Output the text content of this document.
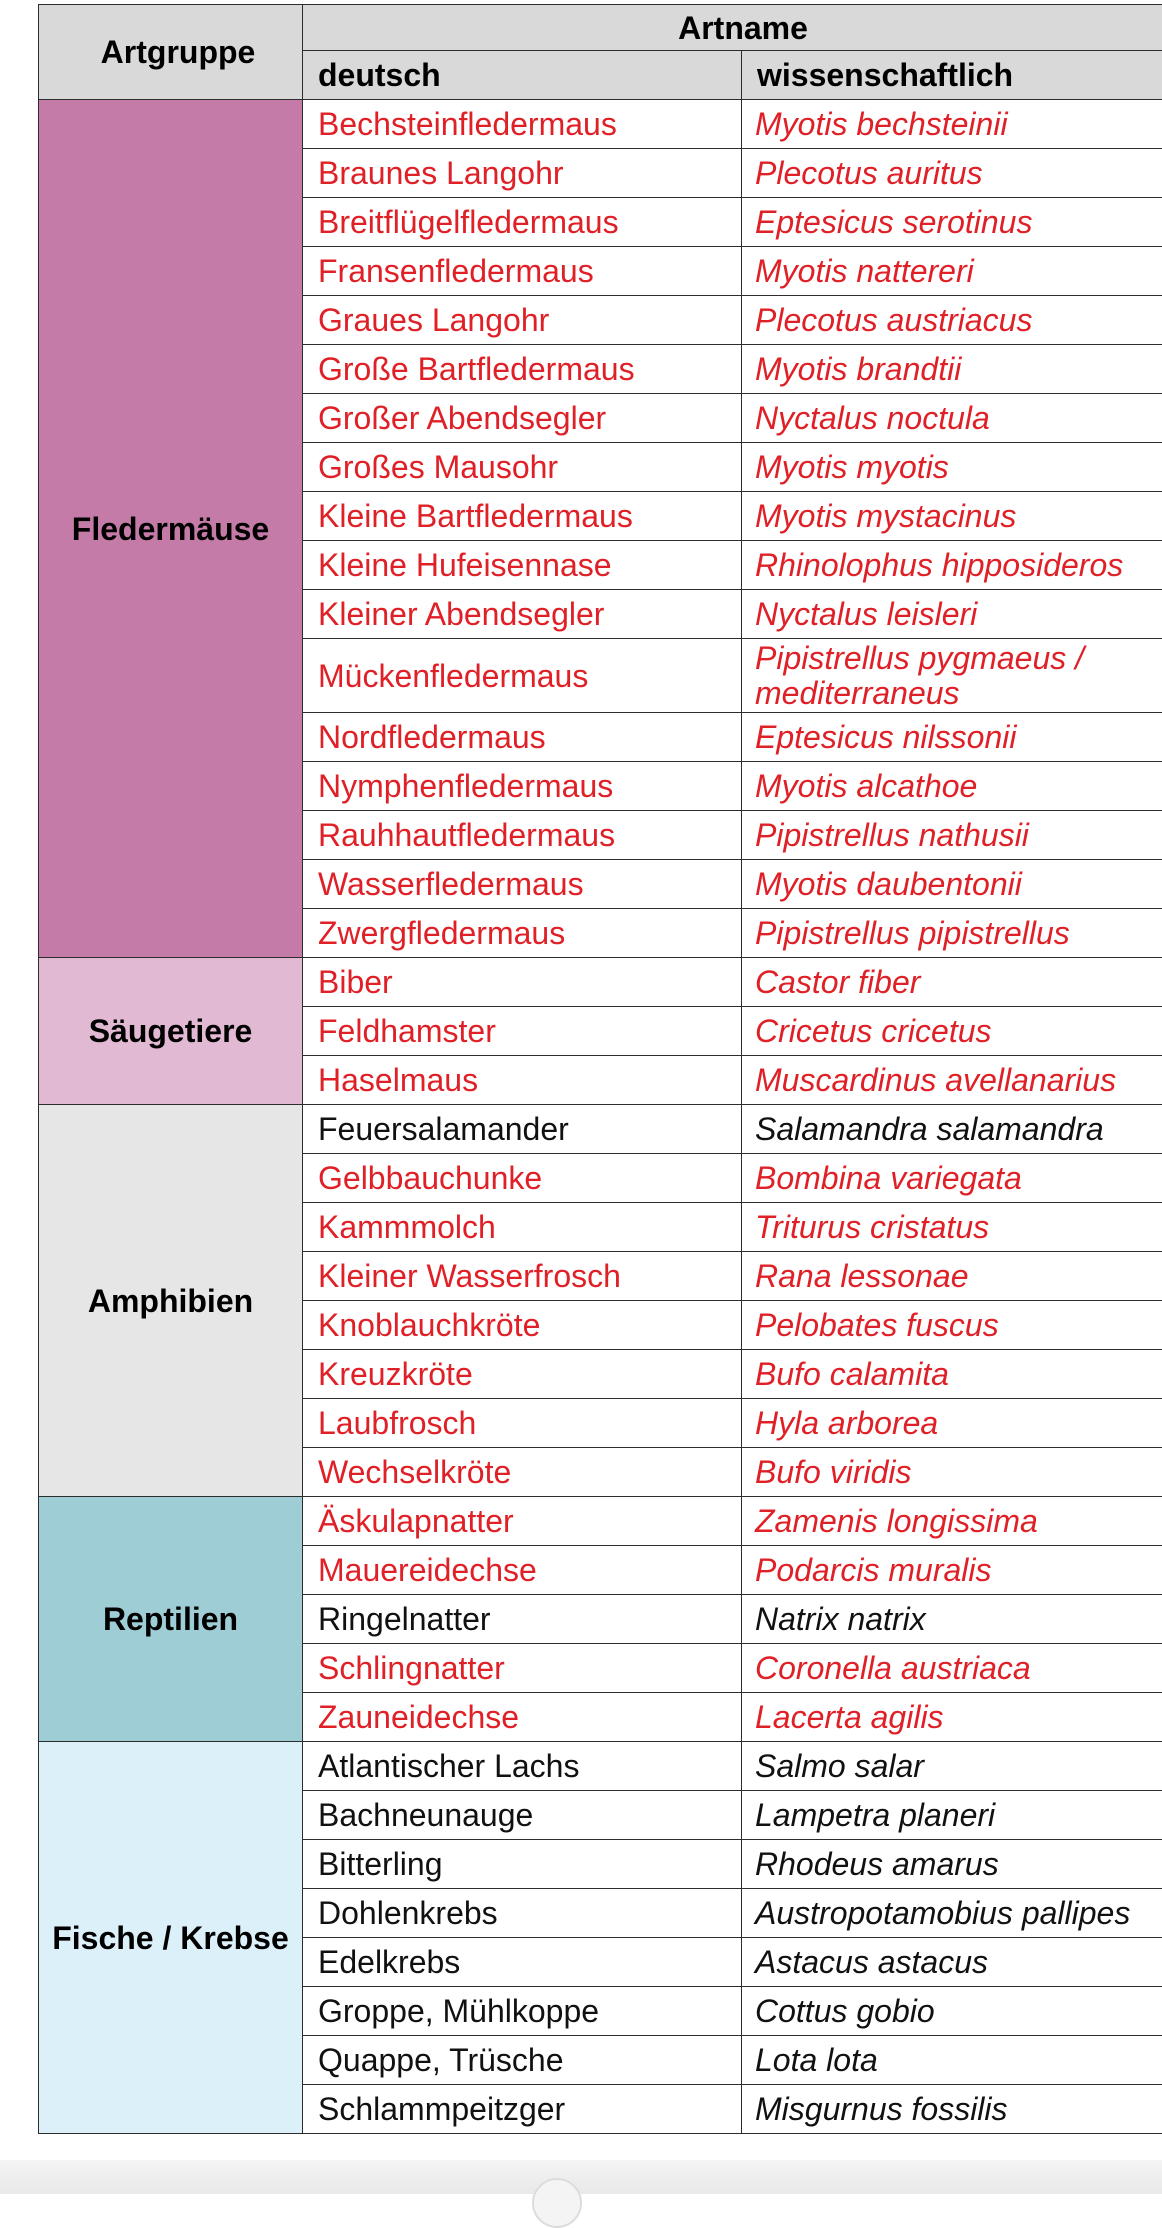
Artgruppe	Artname	
	deutsch	wissenschaftlich
Fledermäuse	Bechsteinfledermaus	Myotis bechsteinii
	Braunes Langohr	Plecotus auritus
	Breitflügelfledermaus	Eptesicus serotinus
	Fransenfledermaus	Myotis nattereri
	Graues Langohr	Plecotus austriacus
	Große Bartfledermaus	Myotis brandtii
	Großer Abendsegler	Nyctalus noctula
	Großes Mausohr	Myotis myotis
	Kleine Bartfledermaus	Myotis mystacinus
	Kleine Hufeisennase	Rhinolophus hipposideros
	Kleiner Abendsegler	Nyctalus leisleri
	Mückenfledermaus	Pipistrellus pygmaeus / mediterraneus
	Nordfledermaus	Eptesicus nilssonii
	Nymphenfledermaus	Myotis alcathoe
	Rauhhautfledermaus	Pipistrellus nathusii
	Wasserfledermaus	Myotis daubentonii
	Zwergfledermaus	Pipistrellus pipistrellus
Säugetiere	Biber	Castor fiber
	Feldhamster	Cricetus cricetus
	Haselmaus	Muscardinus avellanarius
Amphibien	Feuersalamander	Salamandra salamandra
	Gelbbauchunke	Bombina variegata
	Kammmolch	Triturus cristatus
	Kleiner Wasserfrosch	Rana lessonae
	Knoblauchkröte	Pelobates fuscus
	Kreuzkröte	Bufo calamita
	Laubfrosch	Hyla arborea
	Wechselkröte	Bufo viridis
Reptilien	Äskulapnatter	Zamenis longissima
	Mauereidechse	Podarcis muralis
	Ringelnatter	Natrix natrix
	Schlingnatter	Coronella austriaca
	Zauneidechse	Lacerta agilis
Fische / Krebse	Atlantischer Lachs	Salmo salar
	Bachneunauge	Lampetra planeri
	Bitterling	Rhodeus amarus
	Dohlenkrebs	Austropotamobius pallipes
	Edelkrebs	Astacus astacus
	Groppe, Mühlkoppe	Cottus gobio
	Quappe, Trüsche	Lota lota
	Schlammpeitzger	Misgurnus fossilis
